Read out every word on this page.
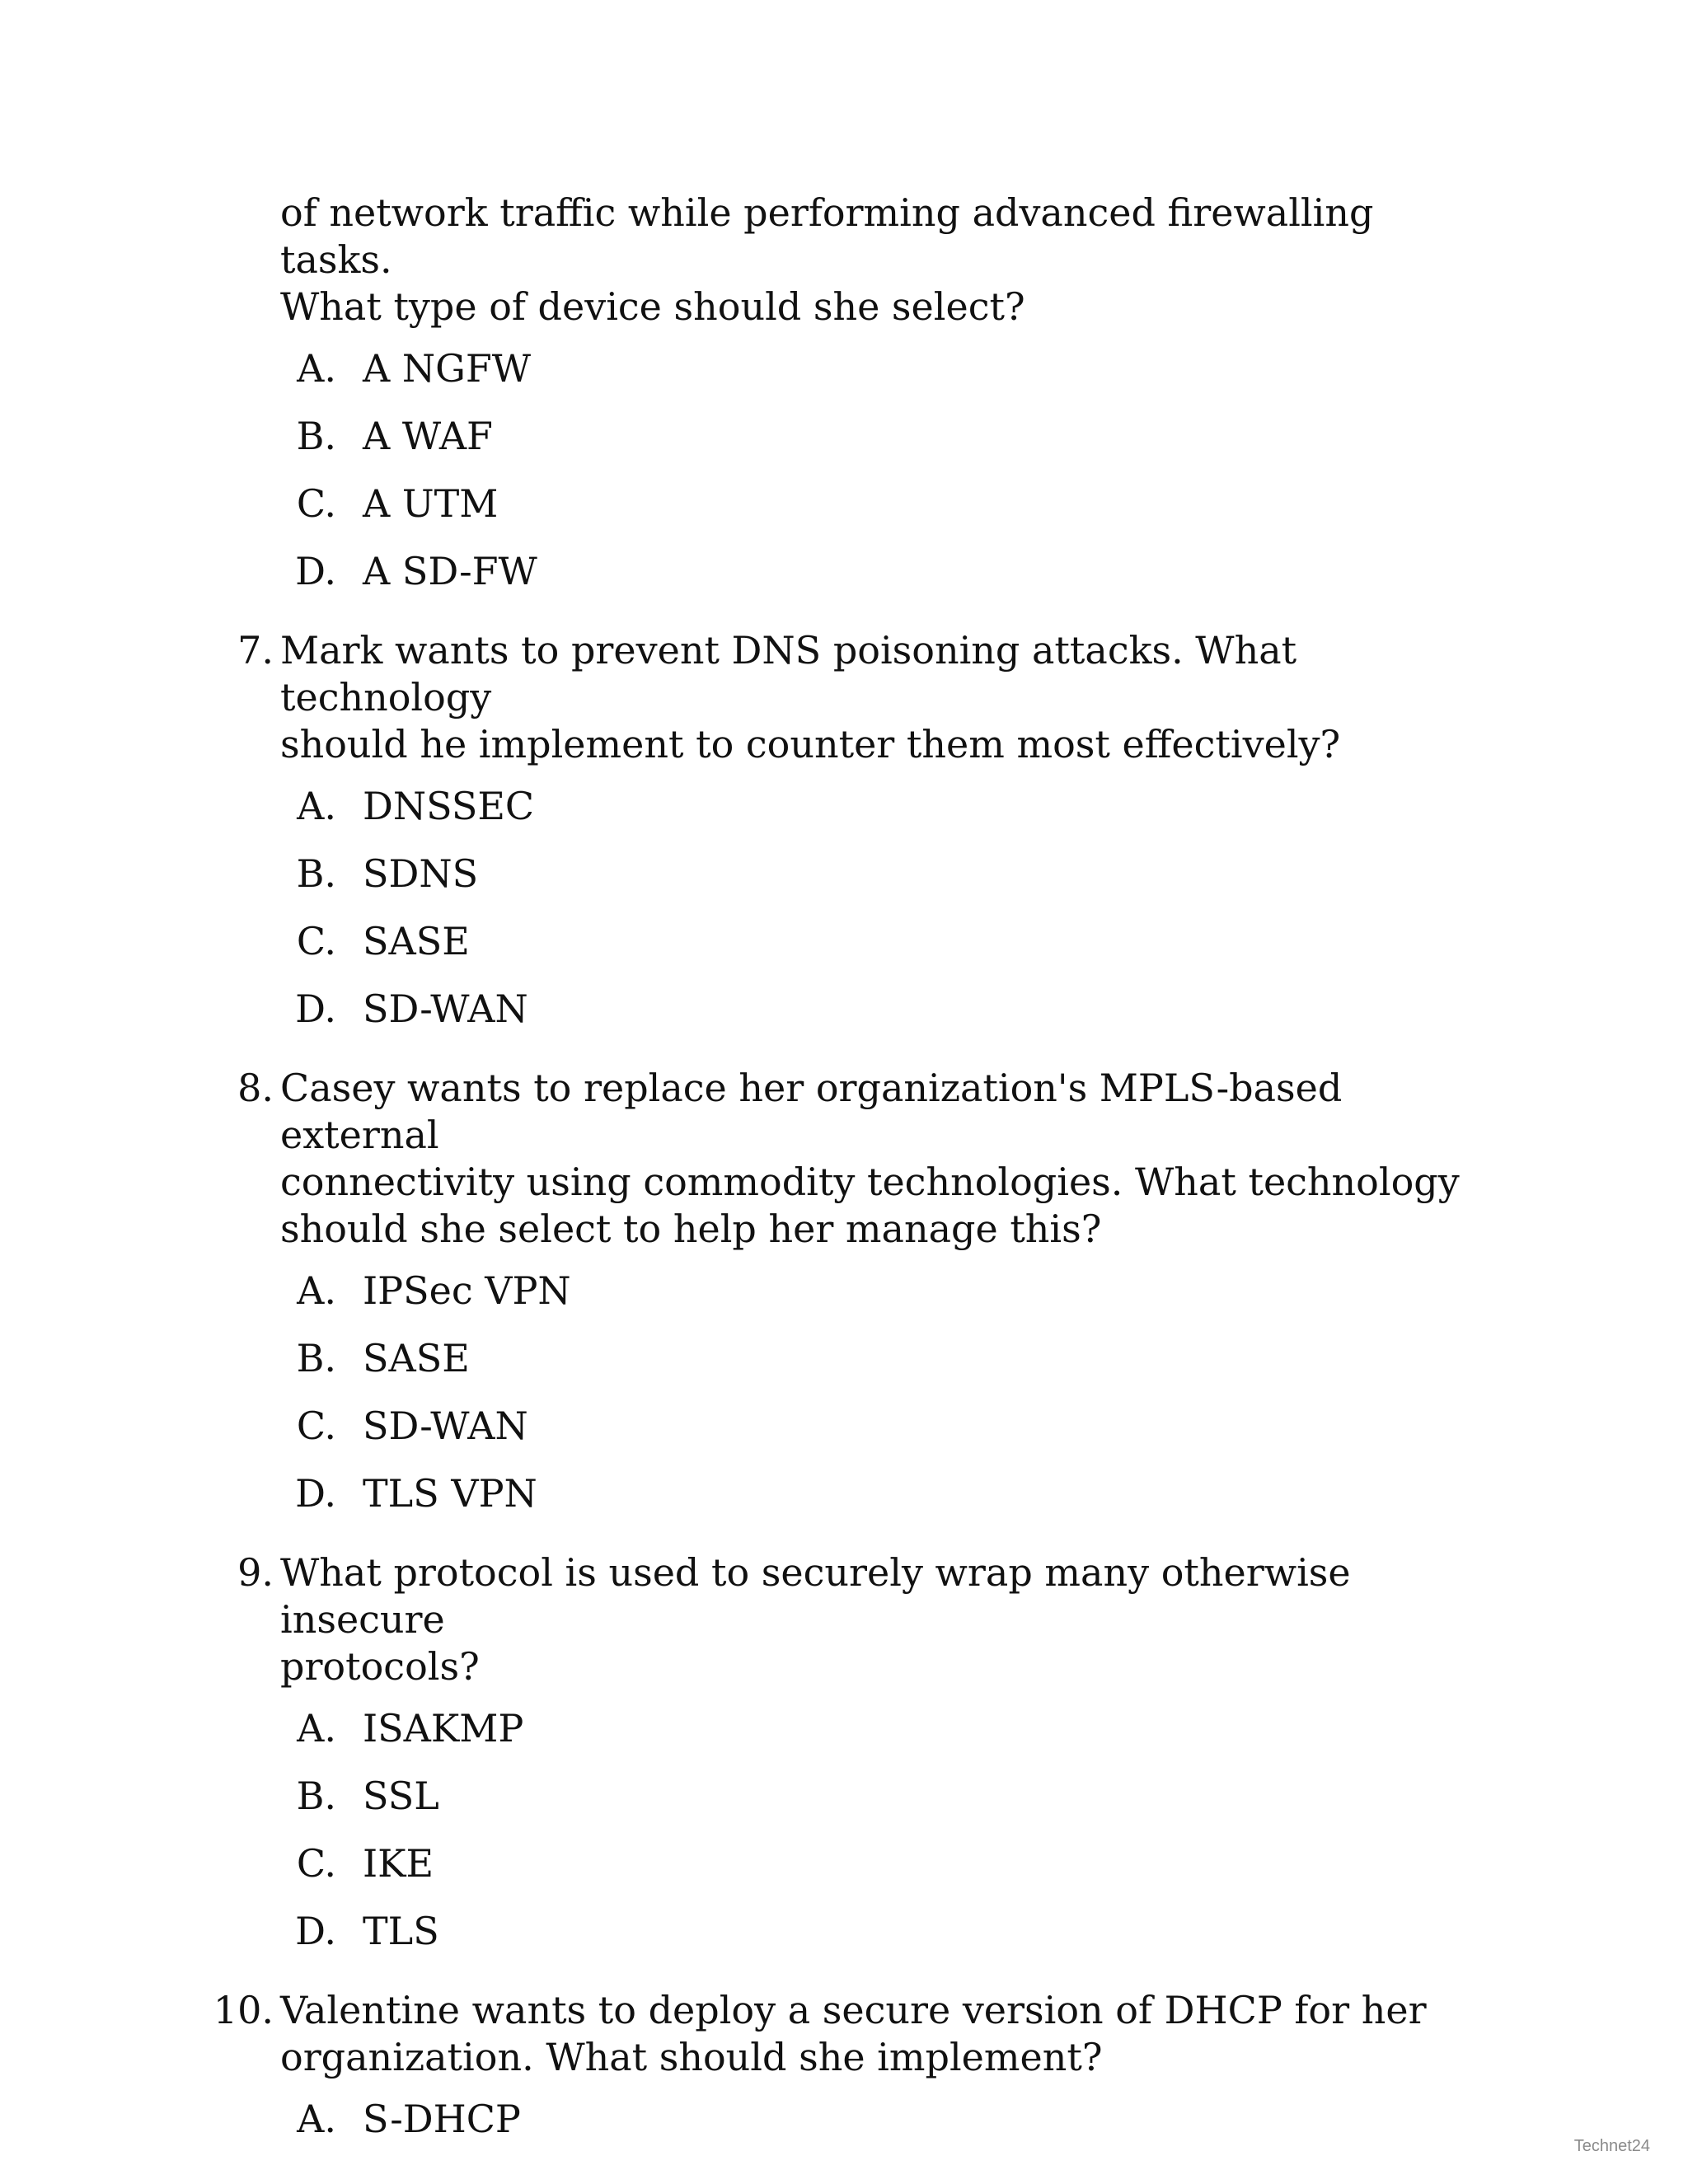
of network traffic while performing advanced firewalling tasks.

What type of device should she select?

A. A NGFW
B. A WAF
C. A UTM
D. A SD-FW
7. Mark wants to prevent DNS poisoning attacks. What technology

should he implement to counter them most effectively?

A. DNSSEC
B. SDNS
C. SASE
D. SD-WAN
8. Casey wants to replace her organization's MPLS-based external

connectivity using commodity technologies. What technology

should she select to help her manage this?

A. IPSec VPN
B. SASE
C. SD-WAN
D. TLS VPN
9. What protocol is used to securely wrap many otherwise insecure

protocols?

A. ISAKMP
B. SSL
C. IKE
D. TLS
10. Valentine wants to deploy a secure version of DHCP for her

organization. What should she implement?

A. S-DHCP
Technet24
